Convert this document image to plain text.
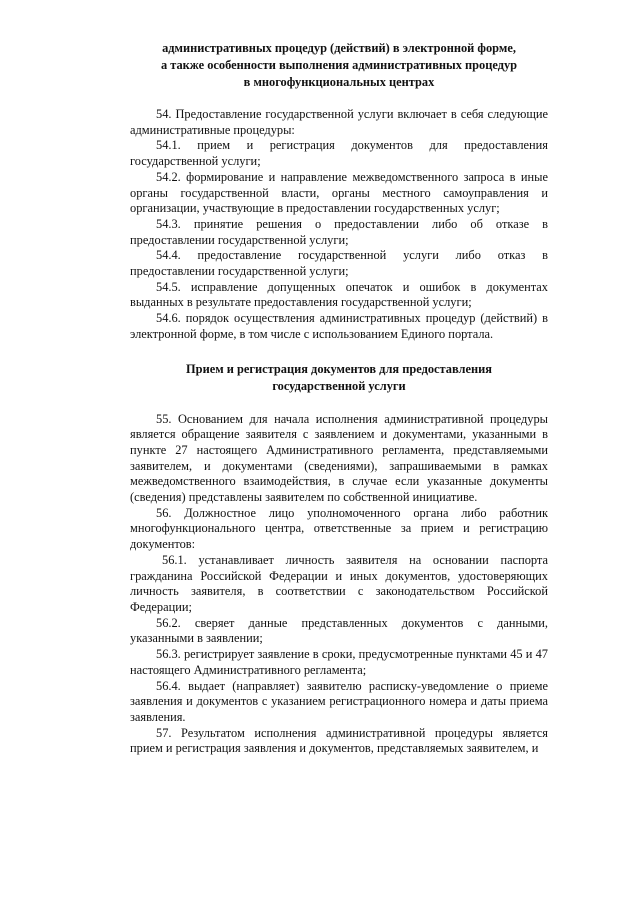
административных процедур (действий) в электронной форме,
а также особенности выполнения административных процедур
в многофункциональных центрах

54. Предоставление государственной услуги включает в себя следующие административные процедуры:

54.1. прием и регистрация документов для предоставления государственной услуги;

54.2. формирование и направление межведомственного запроса в иные органы государственной власти, органы местного самоуправления и организации, участвующие в предоставлении государственных услуг;

54.3. принятие решения о предоставлении либо об отказе в предоставлении государственной услуги;

54.4. предоставление государственной услуги либо отказ в предоставлении государственной услуги;

54.5. исправление допущенных опечаток и ошибок в документах выданных в результате предоставления государственной услуги;

54.6. порядок осуществления административных процедур (действий) в электронной форме, в том числе с использованием Единого портала.

Прием и регистрация документов для предоставления
государственной услуги

55. Основанием для начала исполнения административной процедуры является обращение заявителя с заявлением и документами, указанными в пункте 27 настоящего Административного регламента, представляемыми заявителем, и документами (сведениями), запрашиваемыми в рамках межведомственного взаимодействия, в случае если указанные документы (сведения) представлены заявителем по собственной инициативе.

56. Должностное лицо уполномоченного органа либо работник многофункционального центра, ответственные за прием и регистрацию документов:

56.1. устанавливает личность заявителя на основании паспорта гражданина Российской Федерации и иных документов, удостоверяющих личность заявителя, в соответствии с законодательством Российской Федерации;

56.2. сверяет данные представленных документов с данными, указанными в заявлении;

56.3. регистрирует заявление в сроки, предусмотренные пунктами 45 и 47 настоящего Административного регламента;

56.4. выдает (направляет) заявителю расписку-уведомление о приеме заявления и документов с указанием регистрационного номера и даты приема заявления.

57. Результатом исполнения административной процедуры является прием и регистрация заявления и документов, представляемых заявителем, и
